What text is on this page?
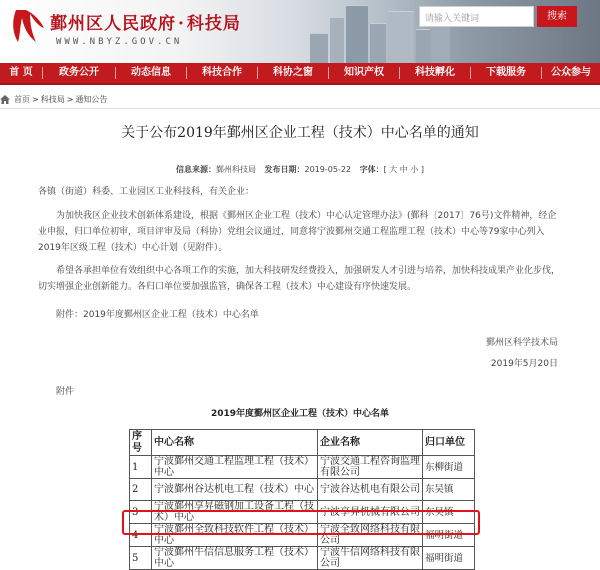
鄞州区人民政府 · 科技局
WWW.NBYZ.GOV.CN
请输入关键词	搜索
首 页	政务公开	动态信息	科技合作	科协之窗	知识产权	科技孵化	下载服务	公众参与
首页 > 科技局 > 通知公告
关于公布2019年鄞州区企业工程（技术）中心名单的通知
信息来源：鄞州科技局 发布日期：2019-05-22 字体：[ 大 中 小 ]
各镇（街道）科委、工业园区工业科技科，有关企业：
为加快我区企业技术创新体系建设，根据《鄞州区企业工程（技术）中心认定管理办法》(鄞科〔2017〕76号)文件精神，经企业申报，归口单位初审，项目评审及局（科协）党组会议通过，同意将宁波鄞州交通工程监理工程（技术）中心等79家中心列入2019年区级工程（技术）中心计划（见附件）。
希望各承担单位有效组织中心各项工作的实施，加大科技研发经费投入，加强研发人才引进与培养，加快科技成果产业化步伐，切实增强企业创新能力。各归口单位要加强监管，确保各工程（技术）中心建设有序快速发展。
附件：2019年度鄞州区企业工程（技术）中心名单
鄞州区科学技术局
2019年5月20日
附件
2019年度鄞州区企业工程（技术）中心名单
序号	中心名称	企业名称	归口单位
1	宁波鄞州交通工程监理工程（技术）中心	宁波交通工程咨询监理有限公司	东柳街道
2	宁波鄞州谷达机电工程（技术）中心	宁波谷达机电有限公司	东吴镇
3	宁波鄞州享昇磁钢加工设备工程（技术）中心	宁波享昇机械有限公司	东吴镇
4	宁波鄞州全致科技软件工程（技术）中心	宁波全致网络科技有限公司	福明街道
5	宁波鄞州牛信信息服务工程（技术）中心	宁波牛信网络科技有限公司	福明街道
